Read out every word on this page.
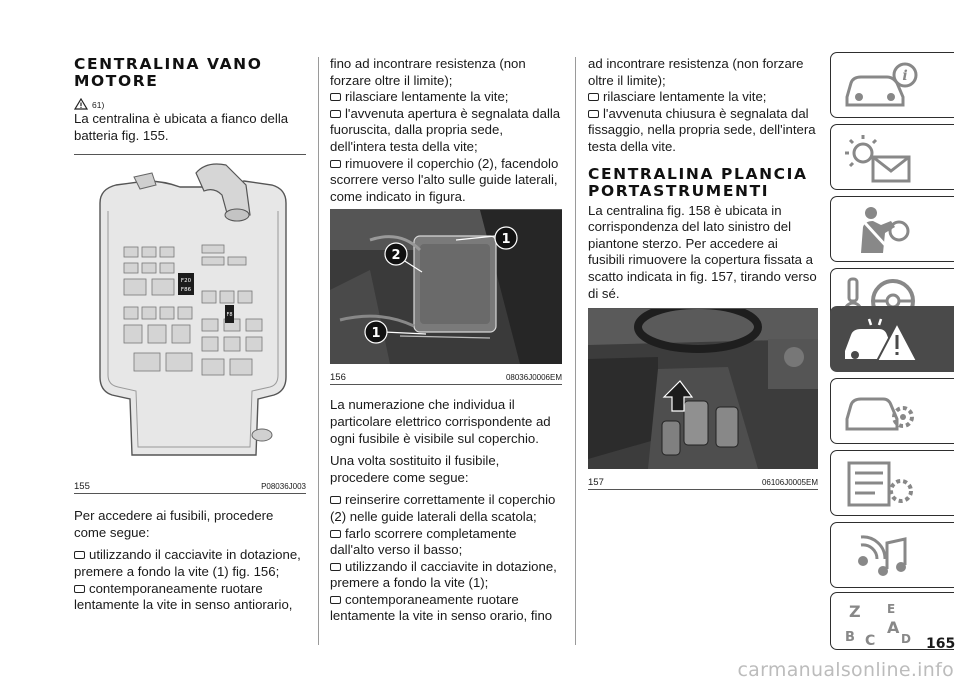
CENTRALINA VANO
MOTORE
61)

La centralina è ubicata a fianco della batteria fig. 155.

F20
F86
F8
155	P08036J003

Per accedere ai fusibili, procedere come segue:

utilizzando il cacciavite in dotazione, premere a fondo la vite (1) fig. 156;

contemporaneamente ruotare lentamente la vite in senso antiorario,

fino ad incontrare resistenza (non forzare oltre il limite);

rilasciare lentamente la vite;

l'avvenuta apertura è segnalata dalla fuoruscita, dalla propria sede, dell'intera testa della vite;

rimuovere il coperchio (2), facendolo scorrere verso l'alto sulle guide laterali, come indicato in figura.

1
2
1
156	08036J0006EM

La numerazione che individua il particolare elettrico corrispondente ad ogni fusibile è visibile sul coperchio.

Una volta sostituito il fusibile, procedere come segue:

reinserire correttamente il coperchio (2) nelle guide laterali della scatola;

farlo scorrere completamente dall'alto verso il basso;

utilizzando il cacciavite in dotazione, premere a fondo la vite (1);

contemporaneamente ruotare lentamente la vite in senso orario, fino

ad incontrare resistenza (non forzare oltre il limite);

rilasciare lentamente la vite;

l'avvenuta chiusura è segnalata dal fissaggio, nella propria sede, dell'intera testa della vite.

CENTRALINA PLANCIA
PORTASTRUMENTI

La centralina fig. 158 è ubicata in corrispondenza del lato sinistro del piantone sterzo. Per accedere ai fusibili rimuovere la copertura fissata a scatto indicata in fig. 157, tirando verso di sé.

157	06106J0005EM
i
Z E
B
A
C D 165
carmanualsonline.info
